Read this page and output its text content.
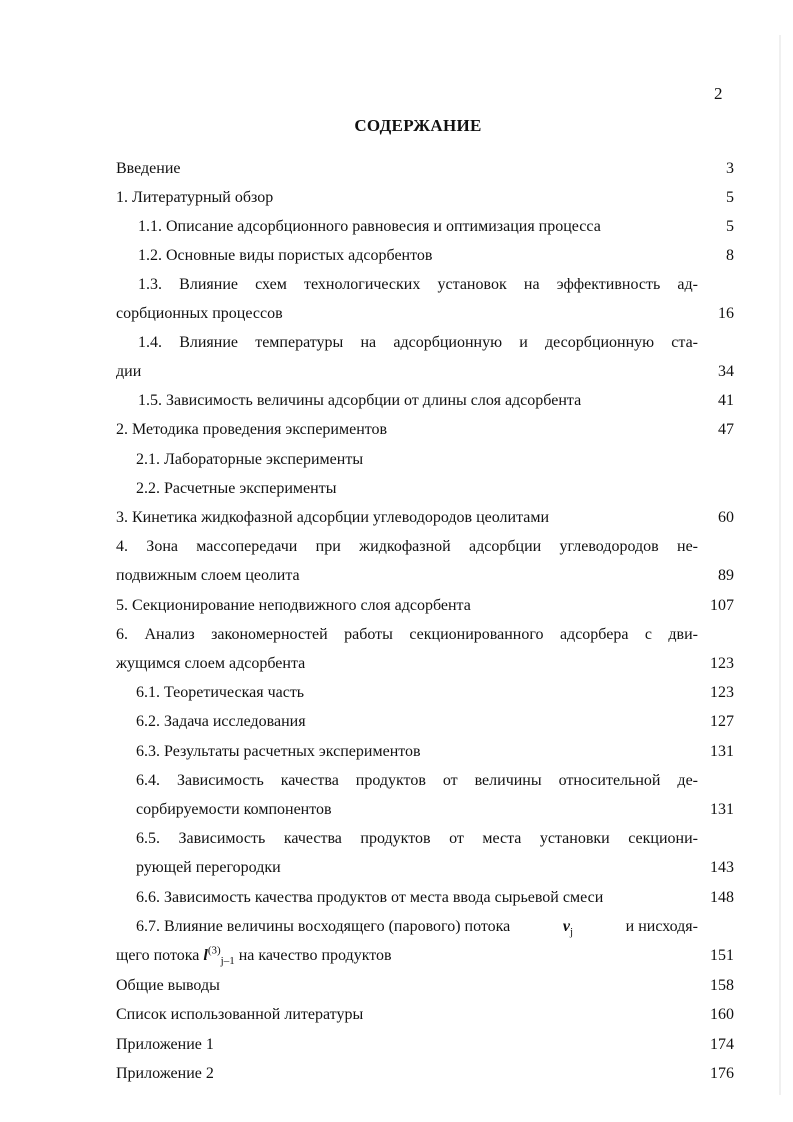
2
СОДЕРЖАНИЕ
Введение	3
1. Литературный обзор	5
1.1. Описание адсорбционного равновесия и оптимизация процесса	5
1.2. Основные виды пористых адсорбентов	8
1.3. Влияние схем технологических установок на эффективность ад-
сорбционных процессов	16
1.4. Влияние температуры на адсорбционную и десорбционную ста-
дии	34
1.5. Зависимость величины адсорбции от длины слоя адсорбента	41
2. Методика проведения экспериментов	47
2.1. Лабораторные эксперименты
2.2. Расчетные эксперименты
3. Кинетика жидкофазной адсорбции углеводородов цеолитами	60
4. Зона массопередачи при жидкофазной адсорбции углеводородов не-
подвижным слоем цеолита	89
5. Секционирование неподвижного слоя адсорбента	107
6. Анализ закономерностей работы секционированного адсорбера с дви-
жущимся слоем адсорбента	123
6.1. Теоретическая часть	123
6.2. Задача исследования	127
6.3. Результаты расчетных экспериментов	131
6.4. Зависимость качества продуктов от величины относительной де-
сорбируемости компонентов	131
6.5. Зависимость качества продуктов от места установки секциони-
рующей перегородки	143
6.6. Зависимость качества продуктов от места ввода сырьевой смеси	148
6.7. Влияние величины восходящего (парового) потока	$v_j$	и нисходя-
щего потока $l^{(3)}_{j-1}$ на качество продуктов	151
Общие выводы	158
Список использованной литературы	160
Приложение 1	174
Приложение 2	176
